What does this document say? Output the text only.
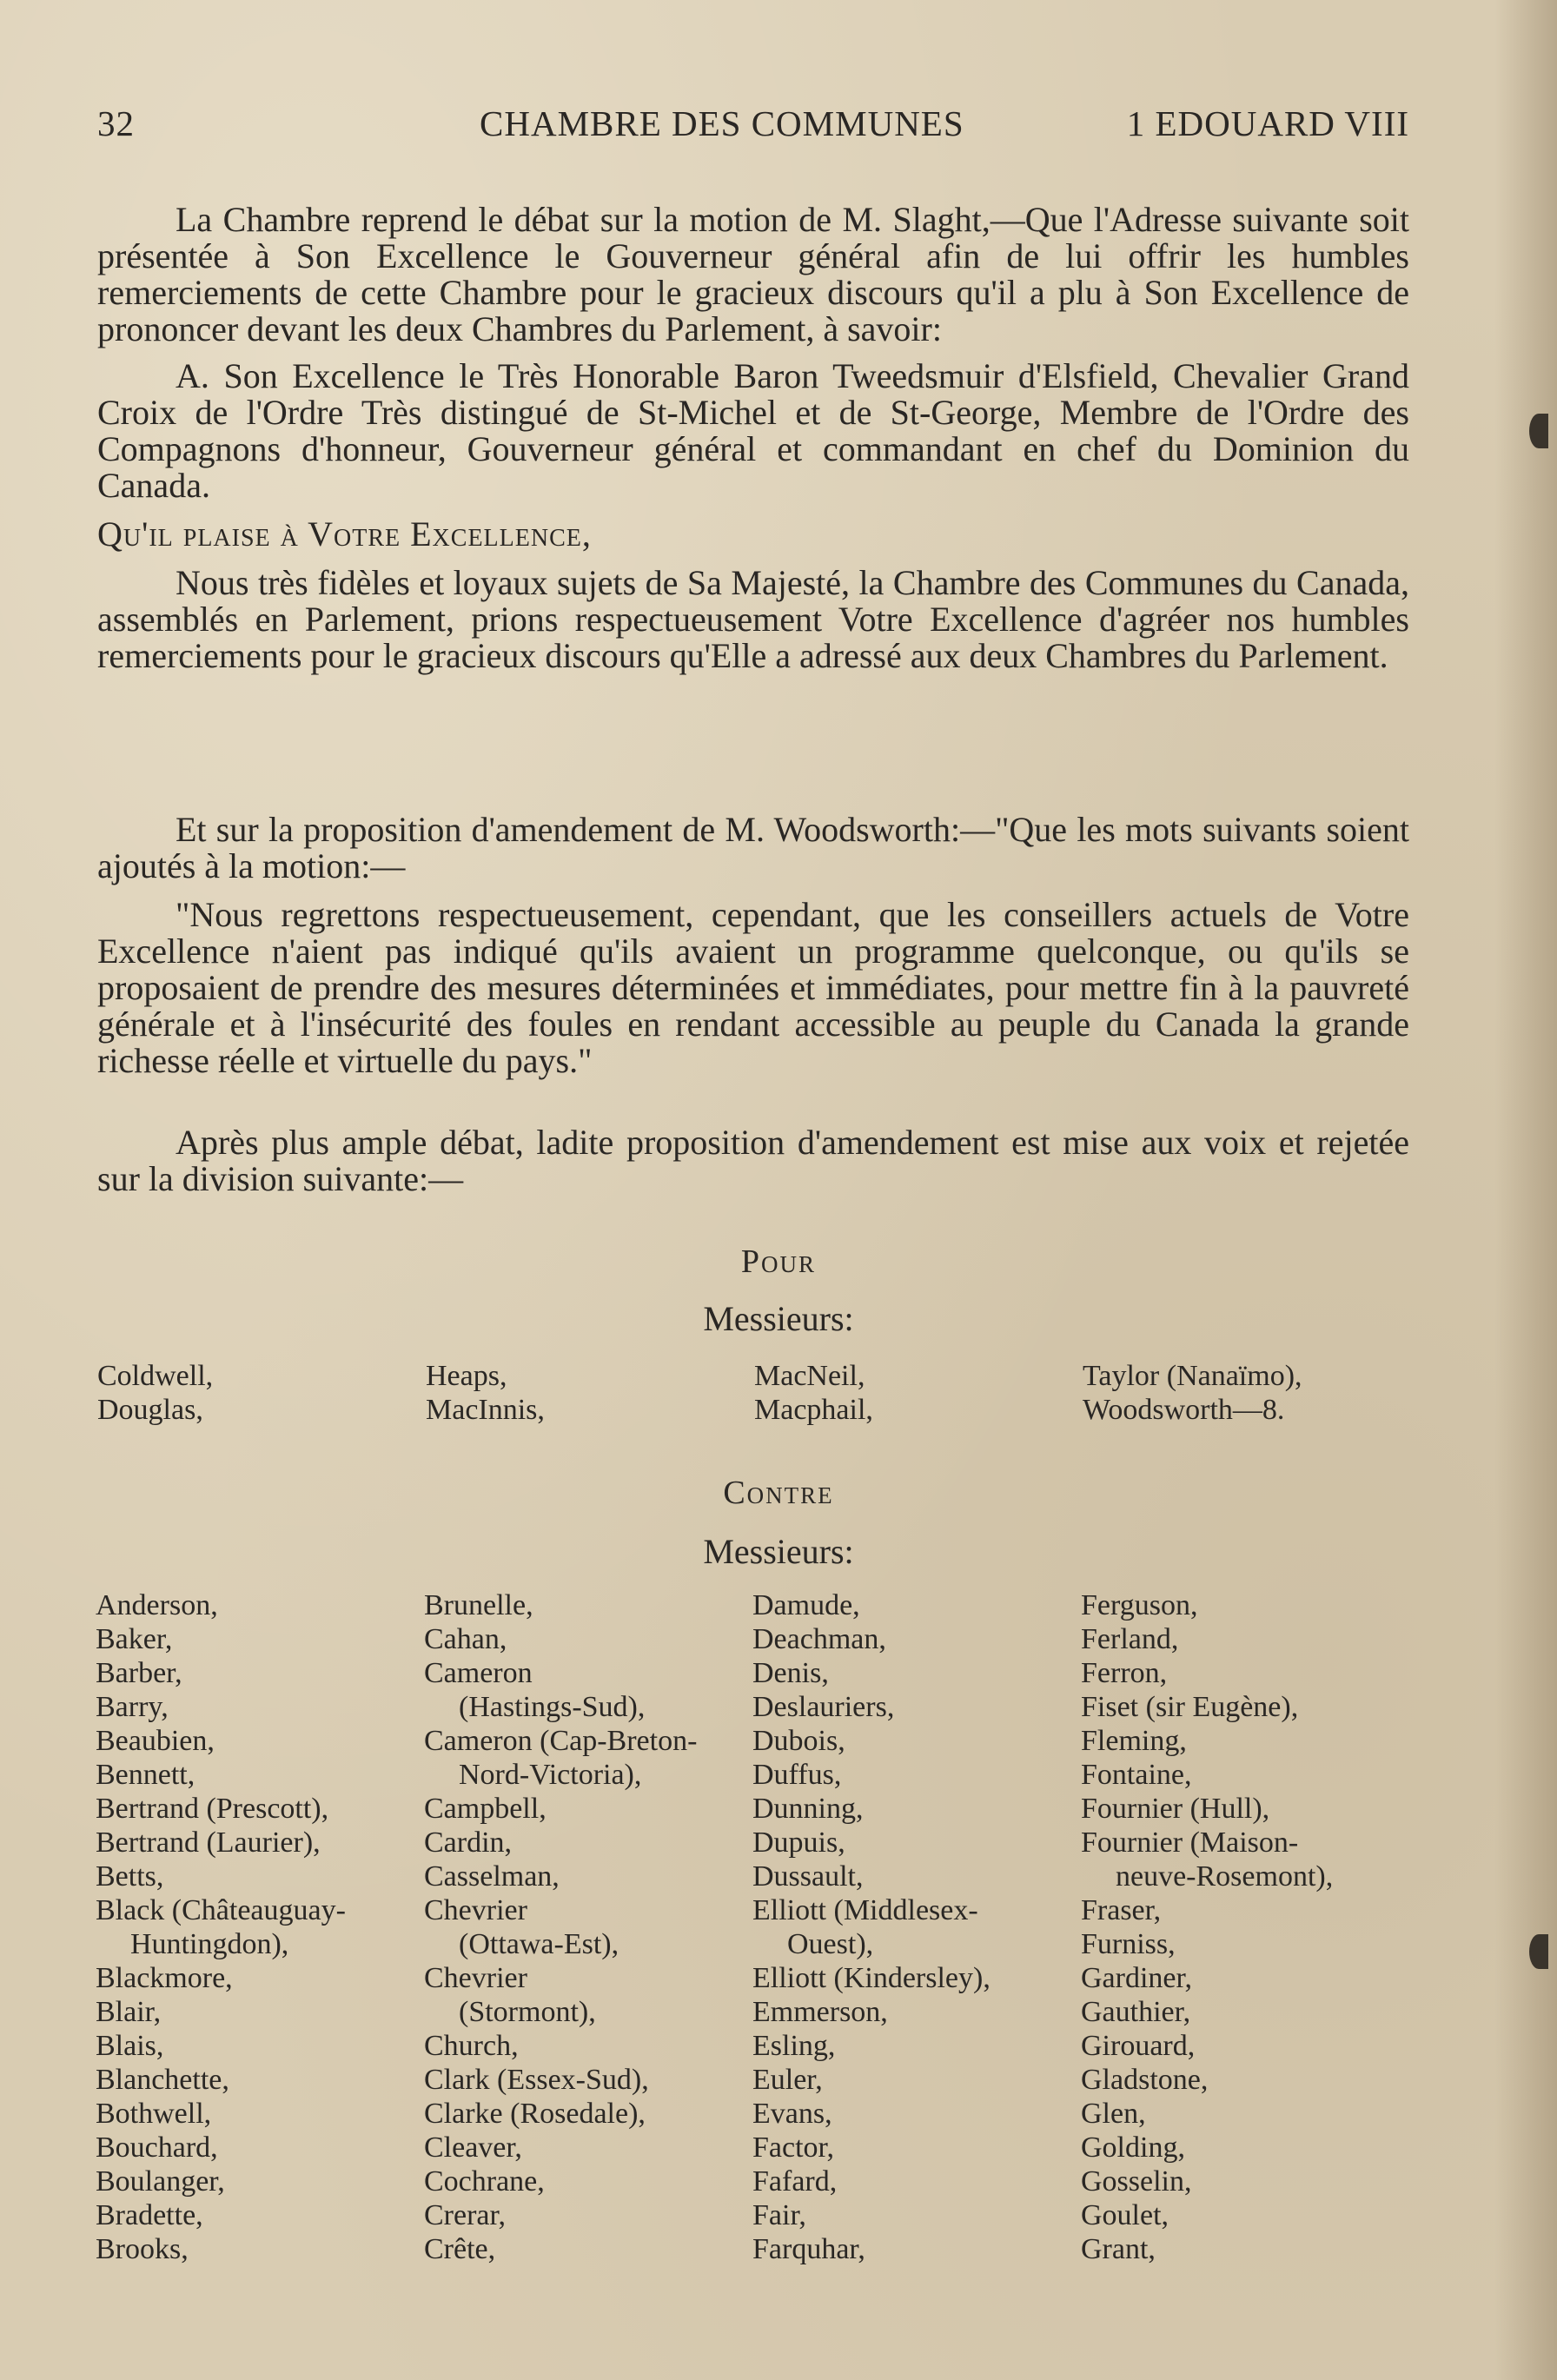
32	CHAMBRE DES COMMUNES	1 EDOUARD VIII

La Chambre reprend le débat sur la motion de M. Slaght,—Que l'Adresse suivante soit présentée à Son Excellence le Gouverneur général afin de lui offrir les humbles remerciements de cette Chambre pour le gracieux discours qu'il a plu à Son Excellence de prononcer devant les deux Chambres du Parlement, à savoir:

A. Son Excellence le Très Honorable Baron Tweedsmuir d'Elsfield, Chevalier Grand Croix de l'Ordre Très distingué de St-Michel et de St-George, Membre de l'Ordre des Compagnons d'honneur, Gouverneur général et commandant en chef du Dominion du Canada.

Qu'il plaise à Votre Excellence,

Nous très fidèles et loyaux sujets de Sa Majesté, la Chambre des Communes du Canada, assemblés en Parlement, prions respectueusement Votre Excellence d'agréer nos humbles remerciements pour le gracieux discours qu'Elle a adressé aux deux Chambres du Parlement.

Et sur la proposition d'amendement de M. Woodsworth:—"Que les mots suivants soient ajoutés à la motion:—

"Nous regrettons respectueusement, cependant, que les conseillers actuels de Votre Excellence n'aient pas indiqué qu'ils avaient un programme quelconque, ou qu'ils se proposaient de prendre des mesures déterminées et immédiates, pour mettre fin à la pauvreté générale et à l'insécurité des foules en rendant accessible au peuple du Canada la grande richesse réelle et virtuelle du pays."

Après plus ample débat, ladite proposition d'amendement est mise aux voix et rejetée sur la division suivante:—

Pour
Messieurs:
Coldwell,
Douglas,
Heaps,
MacInnis,
MacNeil,
Macphail,
Taylor (Nanaïmo),
Woodsworth—8.
Contre
Messieurs:
Anderson,
Baker,
Barber,
Barry,
Beaubien,
Bennett,
Bertrand (Prescott),
Bertrand (Laurier),
Betts,
Black (Châteauguay-
Huntingdon),
Blackmore,
Blair,
Blais,
Blanchette,
Bothwell,
Bouchard,
Boulanger,
Bradette,
Brooks,
Brunelle,
Cahan,
Cameron
(Hastings-Sud),
Cameron (Cap-Breton-
Nord-Victoria),
Campbell,
Cardin,
Casselman,
Chevrier
(Ottawa-Est),
Chevrier
(Stormont),
Church,
Clark (Essex-Sud),
Clarke (Rosedale),
Cleaver,
Cochrane,
Crerar,
Crête,
Damude,
Deachman,
Denis,
Deslauriers,
Dubois,
Duffus,
Dunning,
Dupuis,
Dussault,
Elliott (Middlesex-
Ouest),
Elliott (Kindersley),
Emmerson,
Esling,
Euler,
Evans,
Factor,
Fafard,
Fair,
Farquhar,
Ferguson,
Ferland,
Ferron,
Fiset (sir Eugène),
Fleming,
Fontaine,
Fournier (Hull),
Fournier (Maison-
neuve-Rosemont),
Fraser,
Furniss,
Gardiner,
Gauthier,
Girouard,
Gladstone,
Glen,
Golding,
Gosselin,
Goulet,
Grant,
